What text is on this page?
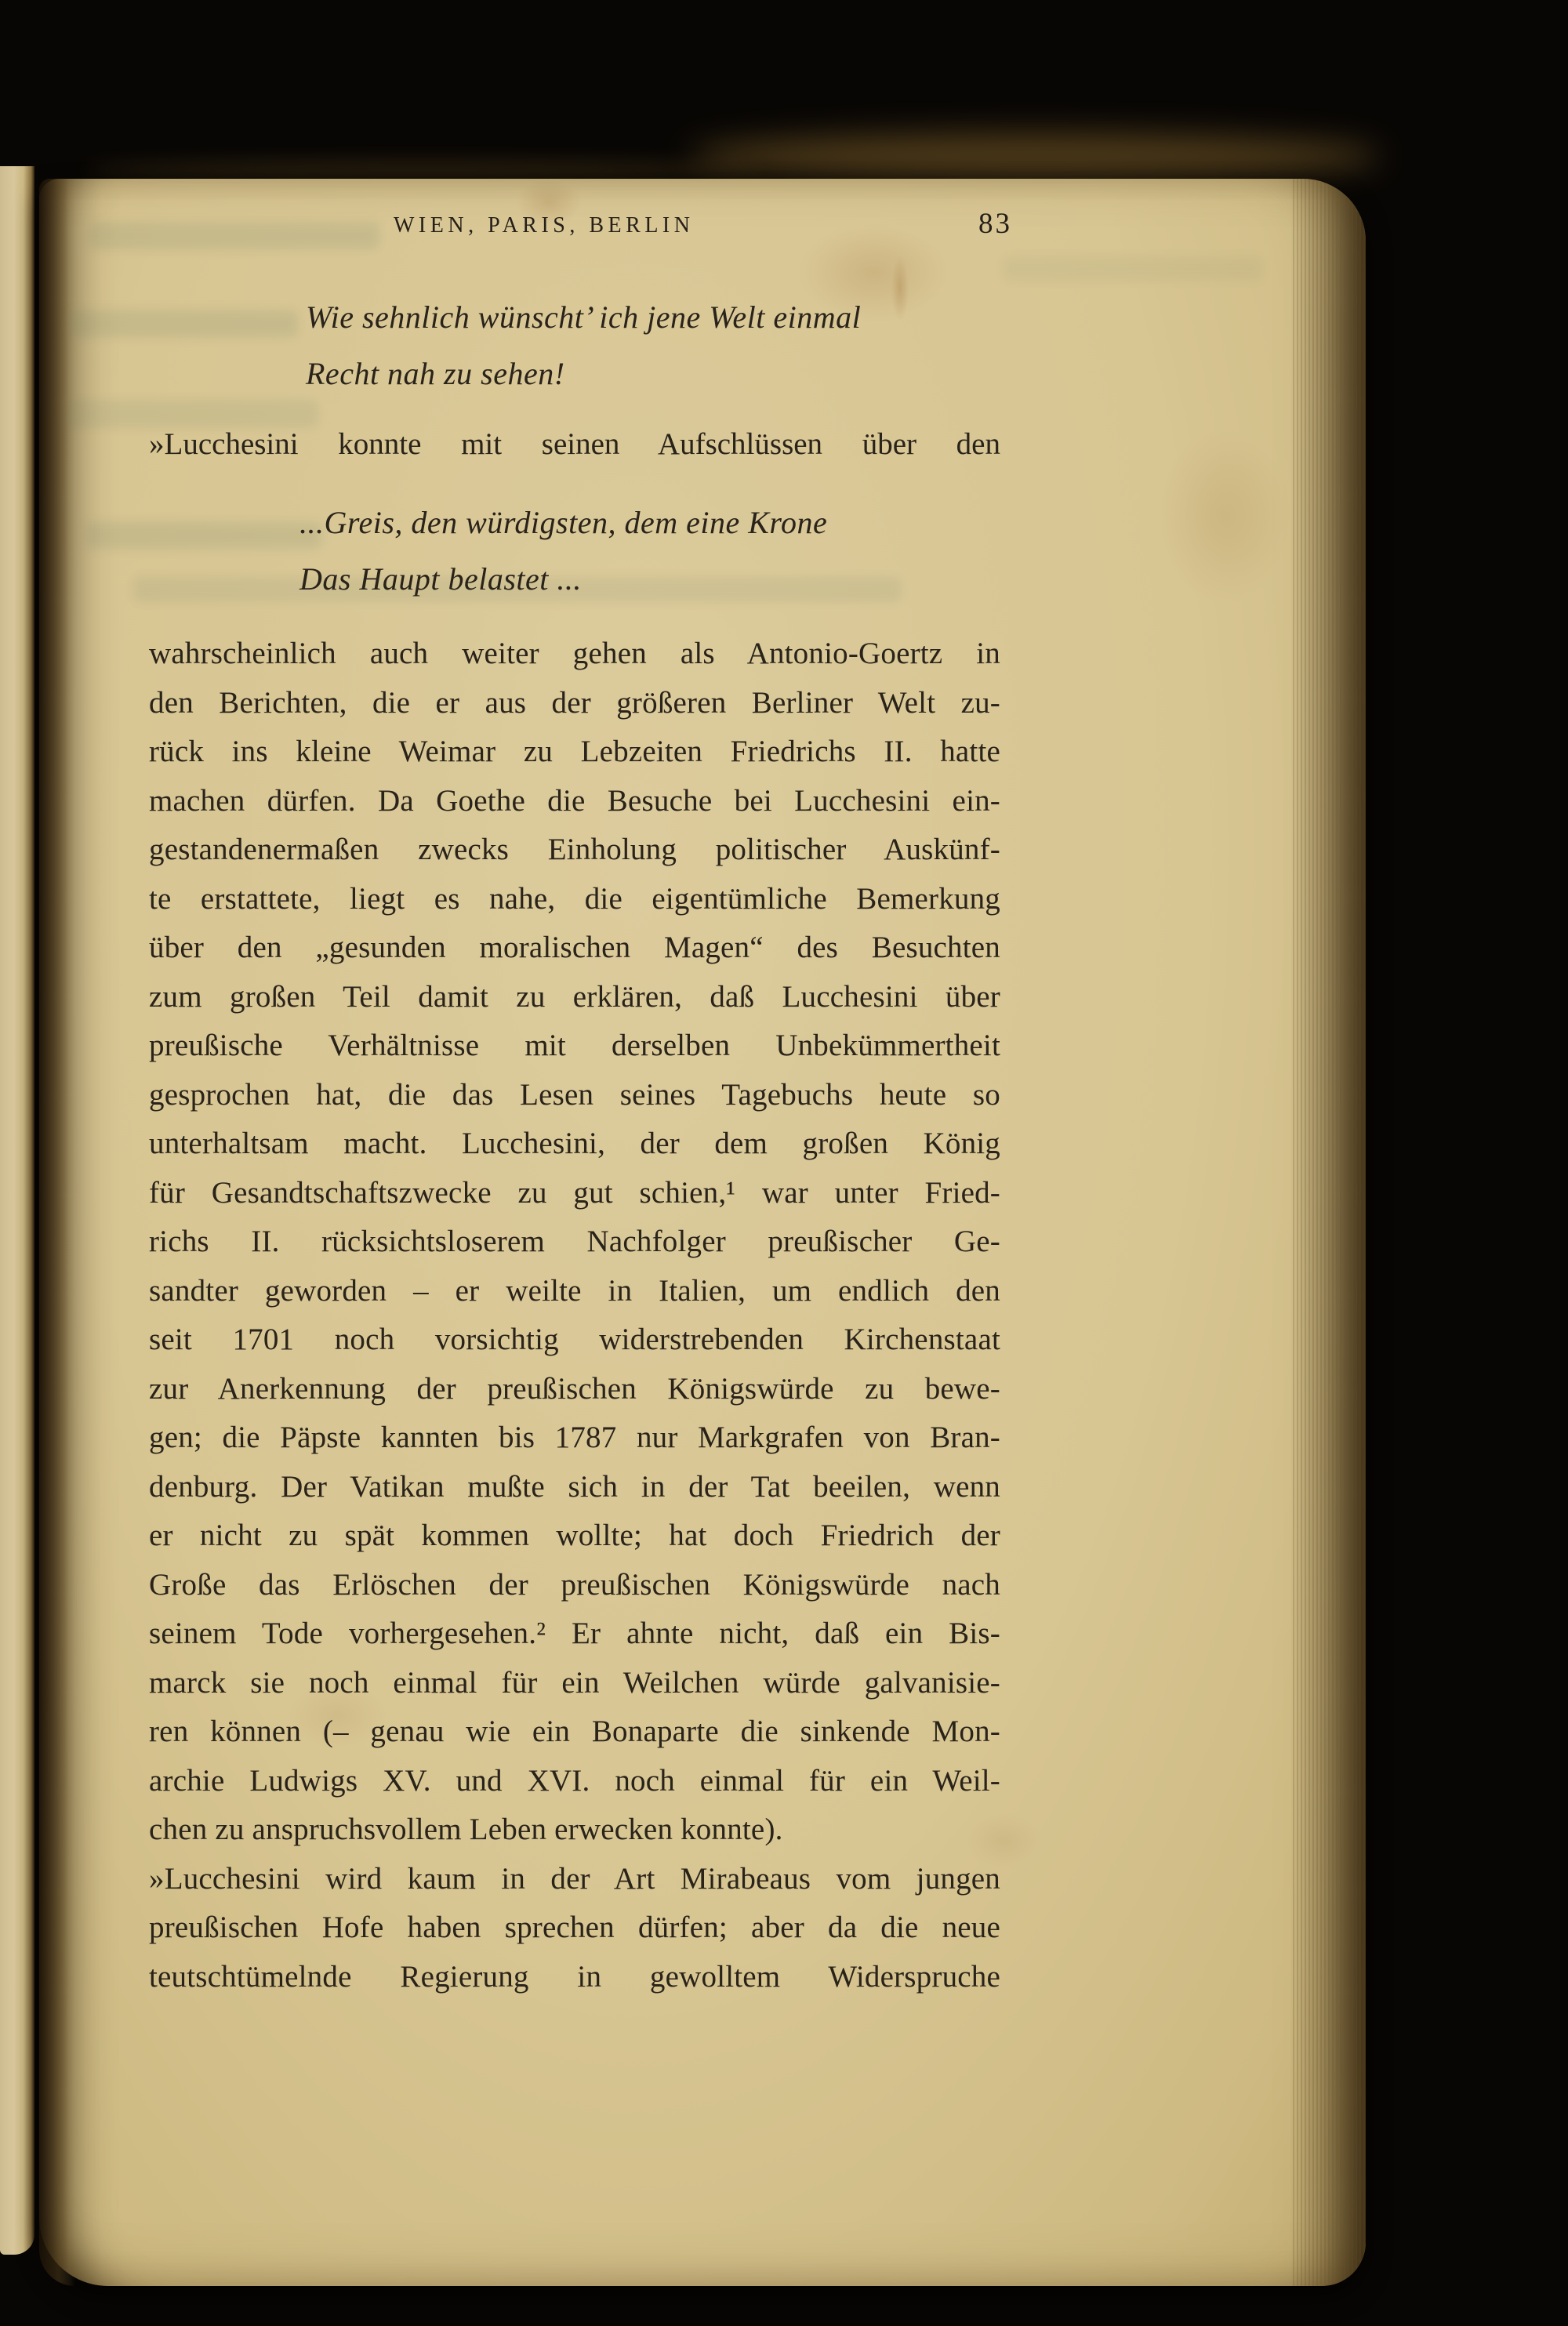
WIEN, PARIS, BERLIN	83
Wie sehnlich wünscht’ ich jene Welt einmal
Recht nah zu sehen!
»Lucchesini konnte mit seinen Aufschlüssen über den
...Greis, den würdigsten, dem eine Krone
Das Haupt belastet ...
wahrscheinlich auch weiter gehen als Antonio-Goertz in
den Berichten, die er aus der größeren Berliner Welt zu-
rück ins kleine Weimar zu Lebzeiten Friedrichs II. hatte
machen dürfen. Da Goethe die Besuche bei Lucchesini ein-
gestandenermaßen zwecks Einholung politischer Auskünf-
te erstattete, liegt es nahe, die eigentümliche Bemerkung
über den „gesunden moralischen Magen“ des Besuchten
zum großen Teil damit zu erklären, daß Lucchesini über
preußische Verhältnisse mit derselben Unbekümmertheit
gesprochen hat, die das Lesen seines Tagebuchs heute so
unterhaltsam macht. Lucchesini, der dem großen König
für Gesandtschaftszwecke zu gut schien,¹ war unter Fried-
richs II. rücksichtsloserem Nachfolger preußischer Ge-
sandter geworden – er weilte in Italien, um endlich den
seit 1701 noch vorsichtig widerstrebenden Kirchenstaat
zur Anerkennung der preußischen Königswürde zu bewe-
gen; die Päpste kannten bis 1787 nur Markgrafen von Bran-
denburg. Der Vatikan mußte sich in der Tat beeilen, wenn
er nicht zu spät kommen wollte; hat doch Friedrich der
Große das Erlöschen der preußischen Königswürde nach
seinem Tode vorhergesehen.² Er ahnte nicht, daß ein Bis-
marck sie noch einmal für ein Weilchen würde galvanisie-
ren können (– genau wie ein Bonaparte die sinkende Mon-
archie Ludwigs XV. und XVI. noch einmal für ein Weil-
chen zu anspruchsvollem Leben erwecken konnte).
»Lucchesini wird kaum in der Art Mirabeaus vom jungen
preußischen Hofe haben sprechen dürfen; aber da die neue
teutschtümelnde Regierung in gewolltem Widerspruche
